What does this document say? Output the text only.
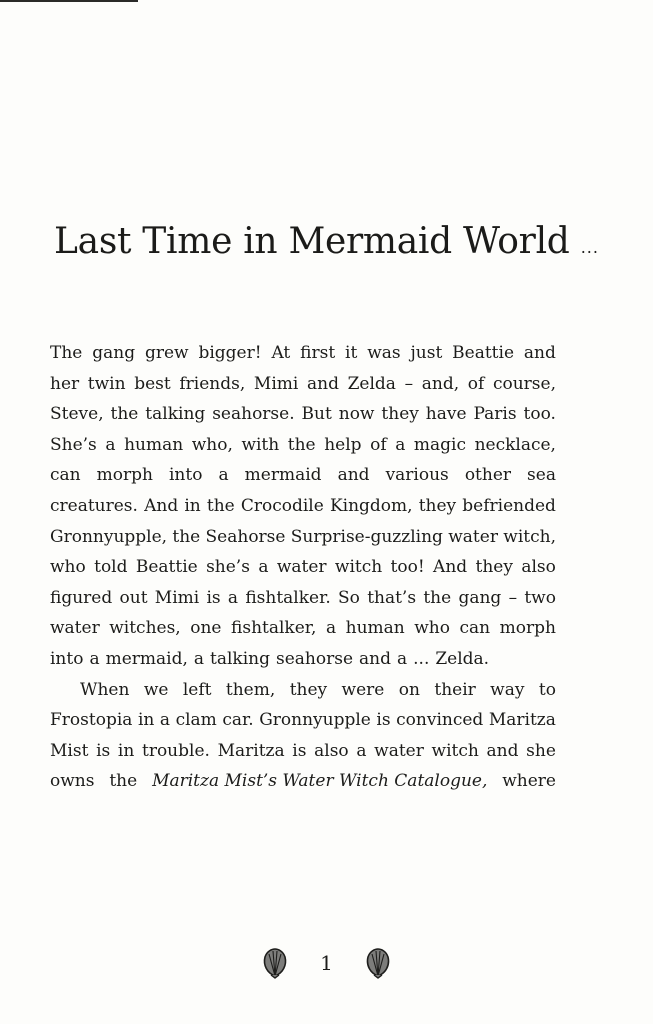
Last Time in Mermaid World ...
The gang grew bigger! At first it was just Beattie and
her twin best friends, Mimi and Zelda – and, of course,
Steve, the talking seahorse. But now they have Paris too.
She’s a human who, with the help of a magic necklace,
can morph into a mermaid and various other sea
creatures. And in the Crocodile Kingdom, they befriended
Gronnyupple, the Seahorse Surprise-guzzling water witch,
who told Beattie she’s a water witch too! And they also
figured out Mimi is a fishtalker. So that’s the gang – two
water witches, one fishtalker, a human who can morph
into a mermaid, a talking seahorse and a ... Zelda.
When we left them, they were on their way to
Frostopia in a clam car. Gronnyupple is convinced Maritza
Mist is in trouble. Maritza is also a water witch and she
owns the Maritza Mist’s Water Witch Catalogue, where
1
